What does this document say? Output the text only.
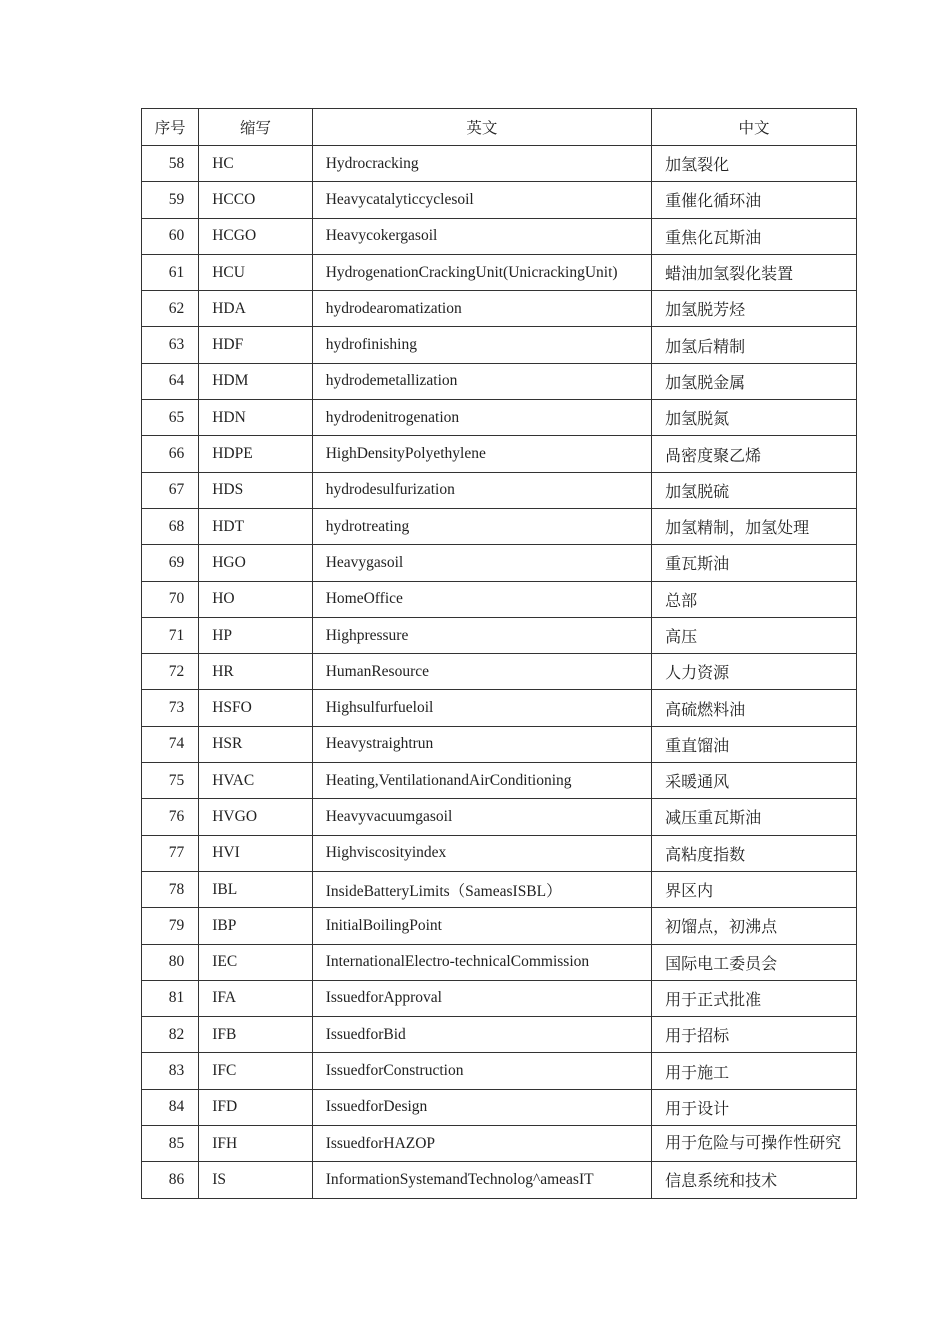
序号	缩写	英文	中文
58	HC	Hydrocracking	加氢裂化
59	HCCO	Heavycatalyticcyclesoil	重催化循环油
60	HCGO	Heavycokergasoil	重焦化瓦斯油
61	HCU	HydrogenationCrackingUnit(UnicrackingUnit)	蜡油加氢裂化装置
62	HDA	hydrodearomatization	加氢脱芳烃
63	HDF	hydrofinishing	加氢后精制
64	HDM	hydrodemetallization	加氢脱金属
65	HDN	hydrodenitrogenation	加氢脱氮
66	HDPE	HighDensityPolyethylene	咼密度聚乙烯
67	HDS	hydrodesulfurization	加氢脱硫
68	HDT	hydrotreating	加氢精制，加氢处理
69	HGO	Heavygasoil	重瓦斯油
70	HO	HomeOffice	总部
71	HP	Highpressure	高压
72	HR	HumanResource	人力资源
73	HSFO	Highsulfurfueloil	高硫燃料油
74	HSR	Heavystraightrun	重直馏油
75	HVAC	Heating,VentilationandAirConditioning	采暖通风
76	HVGO	Heavyvacuumgasoil	减压重瓦斯油
77	HVI	Highviscosityindex	高粘度指数
78	IBL	InsideBatteryLimits（SameasISBL）	界区内
79	IBP	InitialBoilingPoint	初馏点，初沸点
80	IEC	InternationalElectro-technicalCommission	国际电工委员会
81	IFA	IssuedforApproval	用于正式批准
82	IFB	IssuedforBid	用于招标
83	IFC	IssuedforConstruction	用于施工
84	IFD	IssuedforDesign	用于设计
85	IFH	IssuedforHAZOP	用于危险与可操作性研究
86	IS	InformationSystemandTechnolog^ameasIT	信息系统和技术
